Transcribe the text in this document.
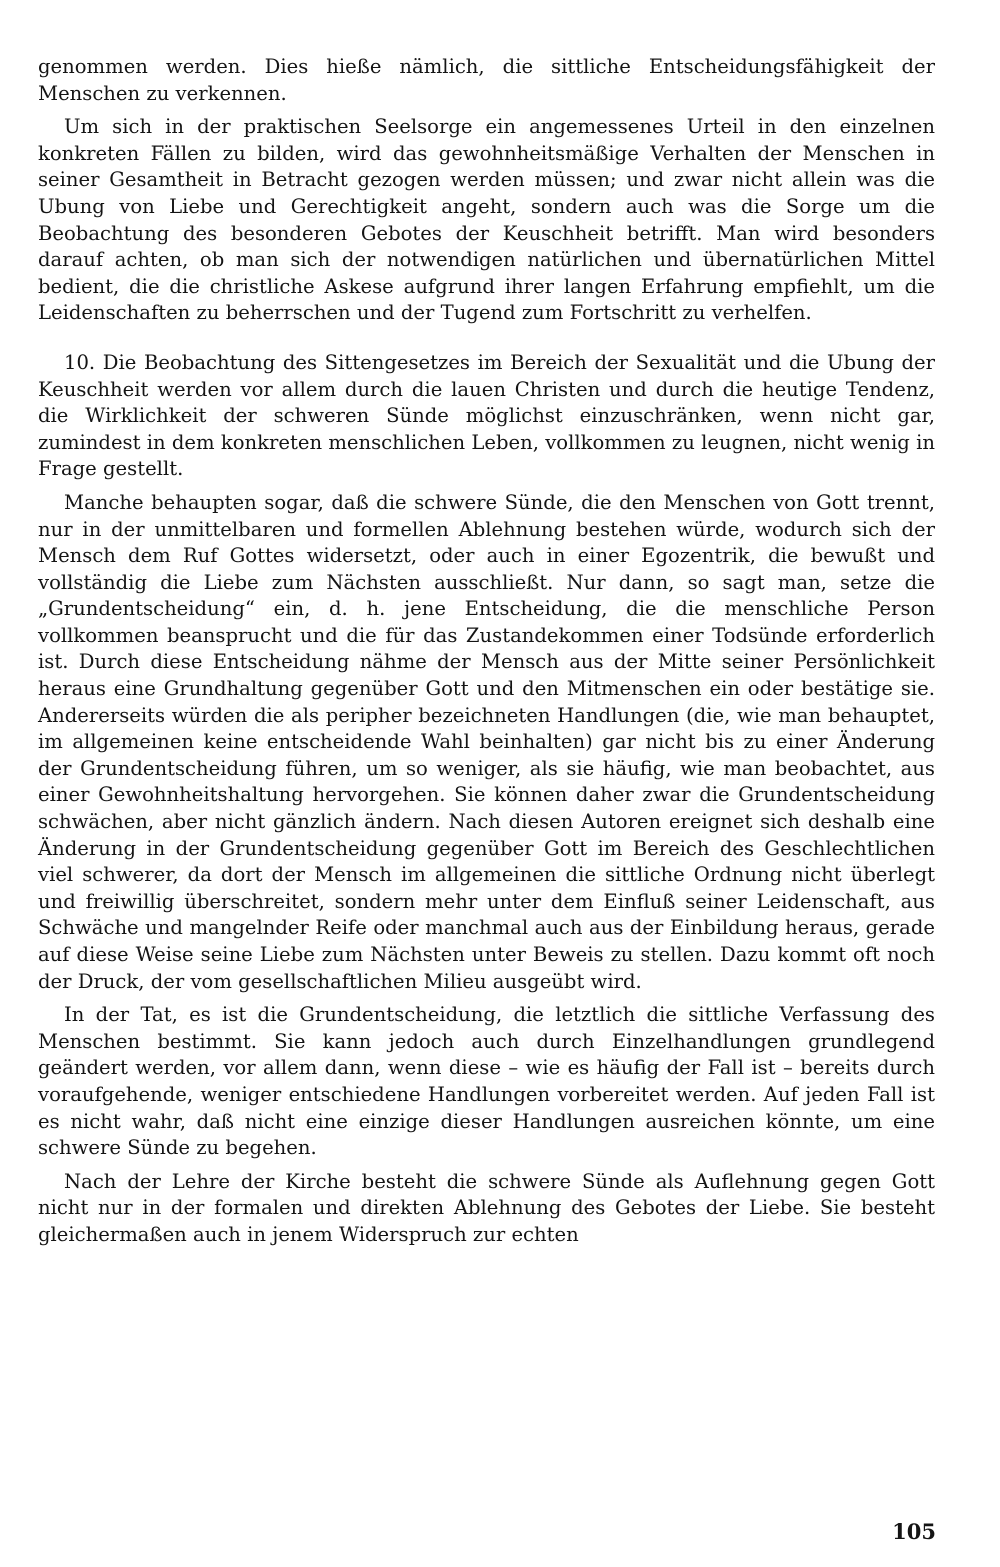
genommen werden. Dies hieße nämlich, die sittliche Entscheidungsfähigkeit der Menschen zu verkennen.

Um sich in der praktischen Seelsorge ein angemessenes Urteil in den einzelnen konkreten Fällen zu bilden, wird das gewohnheitsmäßige Verhalten der Menschen in seiner Gesamtheit in Betracht gezogen werden müssen; und zwar nicht allein was die Ubung von Liebe und Gerechtigkeit angeht, sondern auch was die Sorge um die Beobachtung des besonderen Gebotes der Keuschheit betrifft. Man wird besonders darauf achten, ob man sich der notwendigen natürlichen und übernatürlichen Mittel bedient, die die christliche Askese aufgrund ihrer langen Erfahrung empfiehlt, um die Leidenschaften zu beherrschen und der Tugend zum Fortschritt zu verhelfen.

10. Die Beobachtung des Sittengesetzes im Bereich der Sexualität und die Ubung der Keuschheit werden vor allem durch die lauen Christen und durch die heutige Tendenz, die Wirklichkeit der schweren Sünde möglichst einzuschränken, wenn nicht gar, zumindest in dem konkreten menschlichen Leben, vollkommen zu leugnen, nicht wenig in Frage gestellt.

Manche behaupten sogar, daß die schwere Sünde, die den Menschen von Gott trennt, nur in der unmittelbaren und formellen Ablehnung bestehen würde, wodurch sich der Mensch dem Ruf Gottes widersetzt, oder auch in einer Egozentrik, die bewußt und vollständig die Liebe zum Nächsten ausschließt. Nur dann, so sagt man, setze die „Grundentscheidung“ ein, d. h. jene Entscheidung, die die menschliche Person vollkommen beansprucht und die für das Zustandekommen einer Todsünde erforderlich ist. Durch diese Entscheidung nähme der Mensch aus der Mitte seiner Persönlichkeit heraus eine Grundhaltung gegenüber Gott und den Mitmenschen ein oder bestätige sie. Andererseits würden die als peripher bezeichneten Handlungen (die, wie man behauptet, im allgemeinen keine entscheidende Wahl beinhalten) gar nicht bis zu einer Änderung der Grundentscheidung führen, um so weniger, als sie häufig, wie man beobachtet, aus einer Gewohnheitshaltung hervorgehen. Sie können daher zwar die Grundentscheidung schwächen, aber nicht gänzlich ändern. Nach diesen Autoren ereignet sich deshalb eine Änderung in der Grundentscheidung gegenüber Gott im Bereich des Geschlechtlichen viel schwerer, da dort der Mensch im allgemeinen die sittliche Ordnung nicht überlegt und freiwillig überschreitet, sondern mehr unter dem Einfluß seiner Leidenschaft, aus Schwäche und mangelnder Reife oder manchmal auch aus der Einbildung heraus, gerade auf diese Weise seine Liebe zum Nächsten unter Beweis zu stellen. Dazu kommt oft noch der Druck, der vom gesellschaftlichen Milieu ausgeübt wird.

In der Tat, es ist die Grundentscheidung, die letztlich die sittliche Verfassung des Menschen bestimmt. Sie kann jedoch auch durch Einzelhandlungen grundlegend geändert werden, vor allem dann, wenn diese – wie es häufig der Fall ist – bereits durch voraufgehende, weniger entschiedene Handlungen vorbereitet werden. Auf jeden Fall ist es nicht wahr, daß nicht eine einzige dieser Handlungen ausreichen könnte, um eine schwere Sünde zu begehen.

Nach der Lehre der Kirche besteht die schwere Sünde als Auflehnung gegen Gott nicht nur in der formalen und direkten Ablehnung des Gebotes der Liebe. Sie besteht gleichermaßen auch in jenem Widerspruch zur echten

105
